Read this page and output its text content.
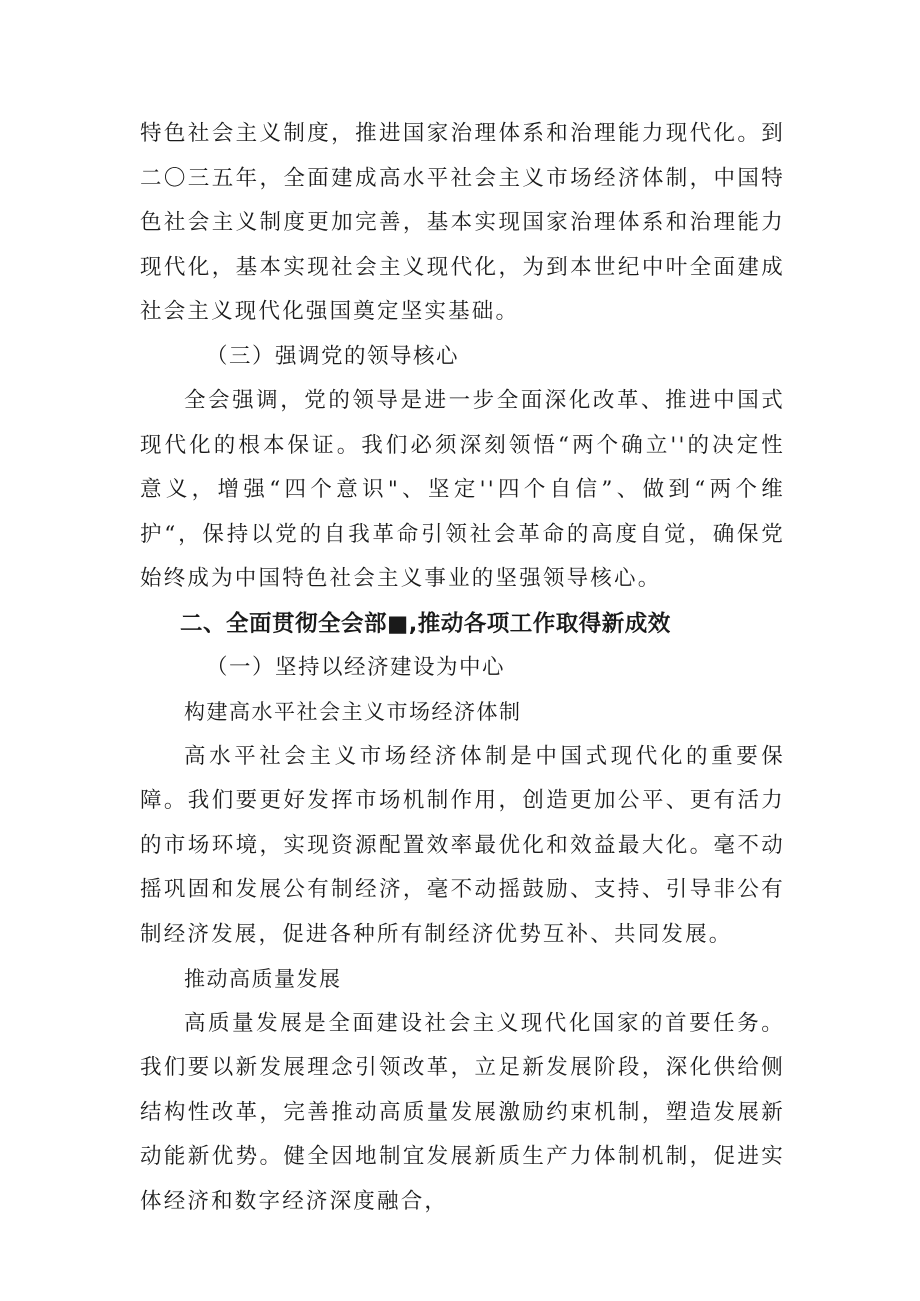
特色社会主义制度，推进国家治理体系和治理能力现代化。到二〇三五年，全面建成高水平社会主义市场经济体制，中国特色社会主义制度更加完善，基本实现国家治理体系和治理能力现代化，基本实现社会主义现代化，为到本世纪中叶全面建成社会主义现代化强国奠定坚实基础。

（三）强调党的领导核心

全会强调，党的领导是进一步全面深化改革、推进中国式现代化的根本保证。我们必须深刻领悟“两个确立''的决定性意义，增强“四个意识"、坚定''四个自信”、做到“两个维护“，保持以党的自我革命引领社会革命的高度自觉，确保党始终成为中国特色社会主义事业的坚强领导核心。

二、全面贯彻全会部■,推动各项工作取得新成效

（一）坚持以经济建设为中心

构建高水平社会主义市场经济体制

高水平社会主义市场经济体制是中国式现代化的重要保障。我们要更好发挥市场机制作用，创造更加公平、更有活力的市场环境，实现资源配置效率最优化和效益最大化。毫不动摇巩固和发展公有制经济，毫不动摇鼓励、支持、引导非公有制经济发展，促进各种所有制经济优势互补、共同发展。

推动高质量发展

高质量发展是全面建设社会主义现代化国家的首要任务。我们要以新发展理念引领改革，立足新发展阶段，深化供给侧结构性改革，完善推动高质量发展激励约束机制，塑造发展新动能新优势。健全因地制宜发展新质生产力体制机制，促进实体经济和数字经济深度融合，
